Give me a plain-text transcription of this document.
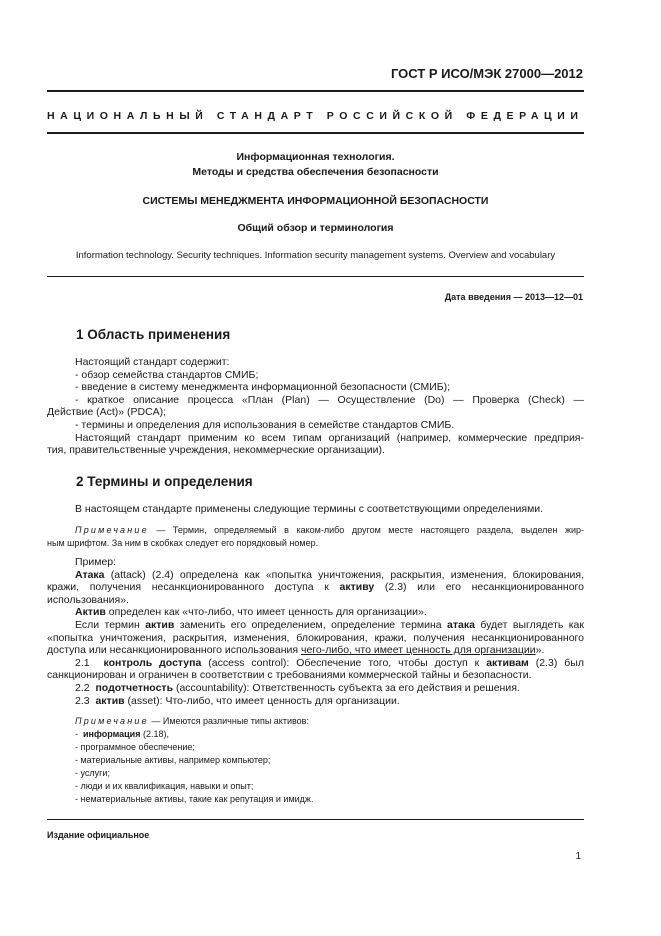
ГОСТ Р ИСО/МЭК 27000—2012
НАЦИОНАЛЬНЫЙ СТАНДАРТ РОССИЙСКОЙ ФЕДЕРАЦИИ
Информационная технология.
Методы и средства обеспечения безопасности
СИСТЕМЫ МЕНЕДЖМЕНТА ИНФОРМАЦИОННОЙ БЕЗОПАСНОСТИ
Общий обзор и терминология
Information technology. Security techniques. Information security management systems. Overview and vocabulary
Дата введения — 2013—12—01
1 Область применения

Настоящий стандарт содержит:

- обзор семейства стандартов СМИБ;

- введение в систему менеджмента информационной безопасности (СМИБ);

- краткое описание процесса «План (Plan) — Осуществление (Do) — Проверка (Check) —

Действие (Act)» (PDCA);

- термины и определения для использования в семействе стандартов СМИБ.

Настоящий стандарт применим ко всем типам организаций (например, коммерческие предприя-

тия, правительственные учреждения, некоммерческие организации).

2 Термины и определения

В настоящем стандарте применены следующие термины с соответствующими определениями.

Примечание — Термин, определяемый в каком-либо другом месте настоящего раздела, выделен жир-

ным шрифтом. За ним в скобках следует его порядковый номер.

Пример:

Атака (attack) (2.4) определена как «попытка уничтожения, раскрытия, изменения, блокирования,

кражи, получения несанкционированного доступа к активу (2.3) или его несанкционированного

использования».

Актив определен как «что-либо, что имеет ценность для организации».

Если термин актив заменить его определением, определение термина атака будет выглядеть как

«попытка уничтожения, раскрытия, изменения, блокирования, кражи, получения несанкционированного

доступа или несанкционированного использования чего-либо, что имеет ценность для организации».

2.1 контроль доступа (access control): Обеспечение того, чтобы доступ к активам (2.3) был

санкционирован и ограничен в соответствии с требованиями коммерческой тайны и безопасности.

2.2 подотчетность (accountability): Ответственность субъекта за его действия и решения.

2.3 актив (asset): Что-либо, что имеет ценность для организации.

Примечание — Имеются различные типы активов:

-  информация (2.18),

- программное обеспечение;

- материальные активы, например компьютер;

- услуги;

- люди и их квалификация, навыки и опыт;

- нематериальные активы, такие как репутация и имидж.

Издание официальное
1
